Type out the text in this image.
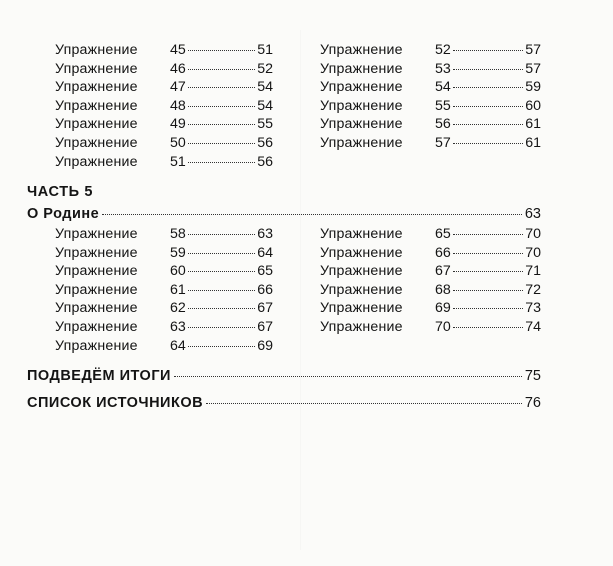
Упражнение	45	51
Упражнение	46	52
Упражнение	47	54
Упражнение	48	54
Упражнение	49	55
Упражнение	50	56
Упражнение	51	56
Упражнение	52	57
Упражнение	53	57
Упражнение	54	59
Упражнение	55	60
Упражнение	56	61
Упражнение	57	61
ЧАСТЬ 5
О Родине	63
Упражнение	58	63
Упражнение	59	64
Упражнение	60	65
Упражнение	61	66
Упражнение	62	67
Упражнение	63	67
Упражнение	64	69
Упражнение	65	70
Упражнение	66	70
Упражнение	67	71
Упражнение	68	72
Упражнение	69	73
Упражнение	70	74
ПОДВЕДЁМ ИТОГИ	75
СПИСОК ИСТОЧНИКОВ	76
